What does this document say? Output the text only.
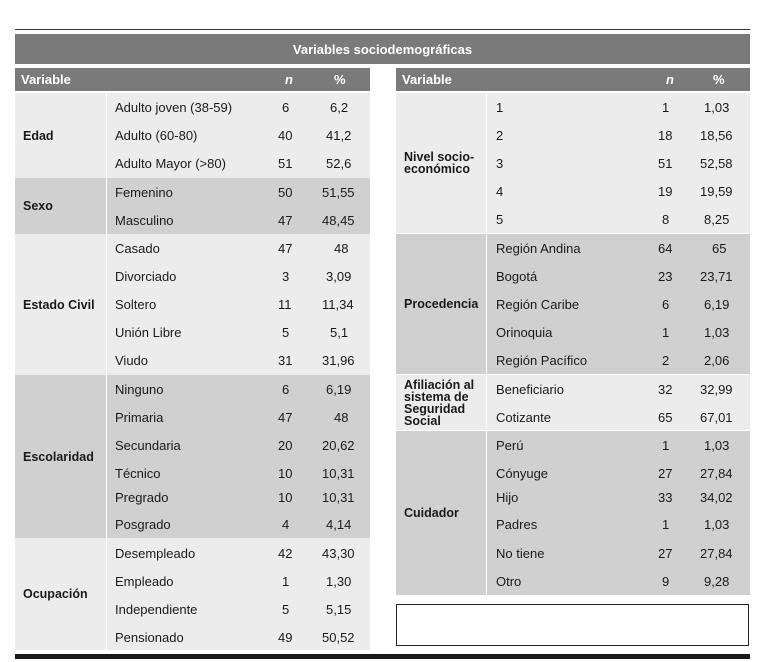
Variables sociodemográficas
Variable	n	%	Variable	n	%
Edad
Adulto joven (38-59)	6	6,2
Adulto (60-80)	40	41,2
Adulto Mayor (>80)	51	52,6
Sexo
Femenino	50 51,55
Masculino	47 48,45
Estado Civil
Casado	47	48
Divorciado	3	3,09
Soltero	11 11,34
Unión Libre	5	5,1
Viudo	31 31,96
Escolaridad
Ninguno	6	6,19
Primaria	47	48
Secundaria	20 20,62
Técnico	10 10,31
Pregrado	10 10,31
Posgrado	4	4,14
Ocupación
Desempleado	42 43,30
Empleado	1	1,30
Independiente	5	5,15
Pensionado	49 50,52
Nivel socio-económico
1	1	1,03
2	18 18,56
3	51 52,58
4	19 19,59
5	8	8,25
Procedencia
Región Andina	64	65
Bogotá	23 23,71
Región Caribe	6	6,19
Orinoquia	1	1,03
Región Pacífico	2	2,06
Afiliación al sistema de Seguridad Social
Beneficiario	32 32,99
Cotizante	65 67,01
Cuidador
Perú	1	1,03
Cónyuge	27 27,84
Hijo	33 34,02
Padres	1	1,03
No tiene	27 27,84
Otro	9	9,28
